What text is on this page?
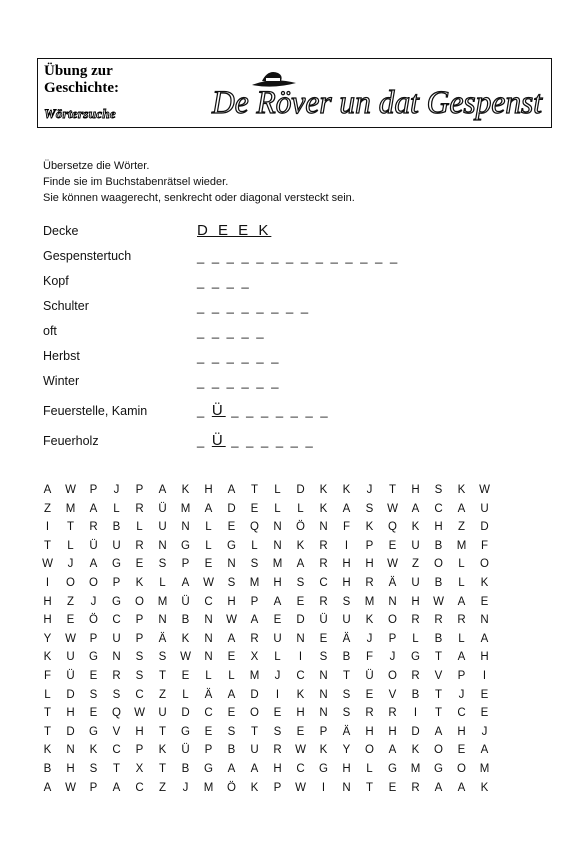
Übung zur
Geschichte:
Wörtersuche	De Röver un dat Gespenst
Übersetze die Wörter.
Finde sie im Buchstabenrätsel wieder.
Sie können waagerecht, senkrecht oder diagonal versteckt sein.
Decke	D E E K
Gespenstertuch	_ _ _ _ _ _ _ _ _ _ _ _ _ _
Kopf	_ _ _ _
Schulter	_ _ _ _ _ _ _ _
oft	_ _ _ _ _
Herbst	_ _ _ _ _ _
Winter	_ _ _ _ _ _
Feuerstelle, Kamin	_ Ü _ _ _ _ _ _ _
Feuerholz	_ Ü _ _ _ _ _ _
A	W	P	J	P	A	K	H	A	T	L	D	K	K	J	T	H	S	K	W
Z	M	A	L	R	Ü	M	A	D	E	L	L	K	A	S	W	A	C	A	U
I	T	R	B	L	U	N	L	E	Q	N	Ö	N	F	K	Q	K	H	Z	D
T	L	Ü	U	R	N	G	L	G	L	N	K	R	I	P	E	U	B	M	F
W	J	A	G	E	S	P	E	N	S	M	A	R	H	H	W	Z	O	L	O
I	O	O	P	K	L	A	W	S	M	H	S	C	H	R	Ä	U	B	L	K
H	Z	J	G	O	M	Ü	C	H	P	A	E	R	S	M	N	H	W	A	E
H	E	Ö	C	P	N	B	N	W	A	E	D	Ü	U	K	O	R	R	R	N
Y	W	P	U	P	Ä	K	N	A	R	U	N	E	Ä	J	P	L	B	L	A
K	U	G	N	S	S	W	N	E	X	L	I	S	B	F	J	G	T	A	H
F	Ü	E	R	S	T	E	L	L	M	J	C	N	T	Ü	O	R	V	P	I
L	D	S	S	C	Z	L	Ä	A	D	I	K	N	S	E	V	B	T	J	E
T	H	E	Q	W	U	D	C	E	O	E	H	N	S	R	R	I	T	C	E
T	D	G	V	H	T	G	E	S	T	S	E	P	Ä	H	H	D	A	H	J
K	N	K	C	P	K	Ü	P	B	U	R	W	K	Y	O	A	K	O	E	A
B	H	S	T	X	T	B	G	A	A	H	C	G	H	L	G	M	G	O	M
A	W	P	A	C	Z	J	M	Ö	K	P	W	I	N	T	E	R	A	A	K
